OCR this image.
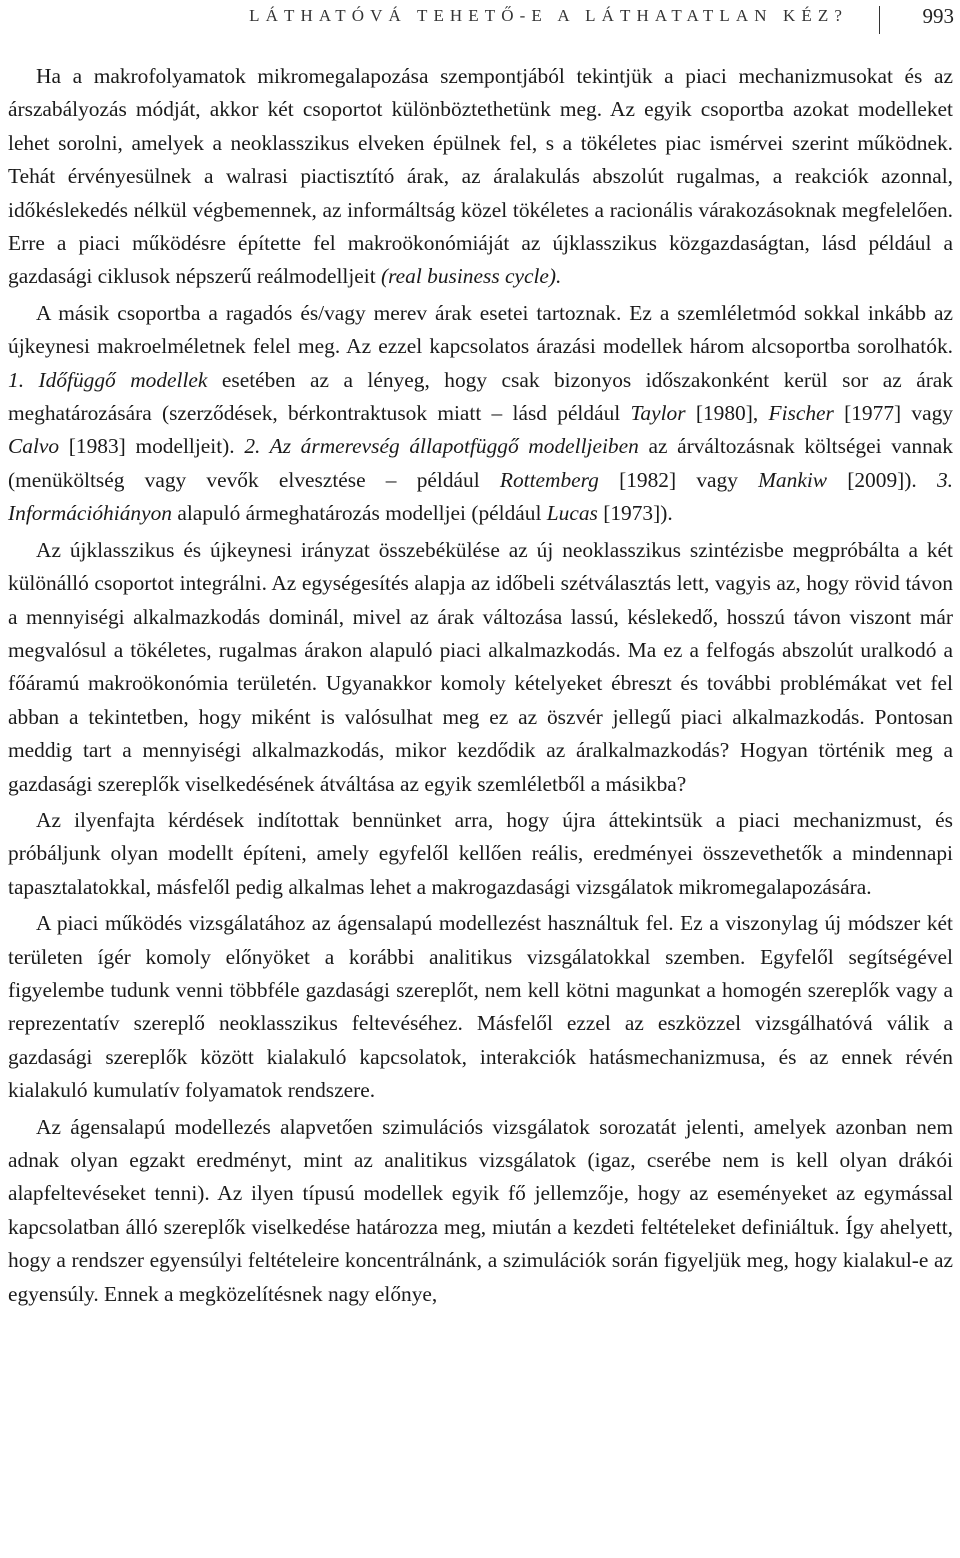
LÁTHATÓVÁ TEHETŐ-E A LÁTHATATLAN KÉZ?	993

Ha a makrofolyamatok mikromegalapozása szempontjából tekintjük a piaci mechanizmusokat és az árszabályozás módját, akkor két csoportot különböztethetünk meg. Az egyik csoportba azokat modelleket lehet sorolni, amelyek a neoklasszikus elveken épülnek fel, s a tökéletes piac ismérvei szerint működnek. Tehát érvényesülnek a walrasi piactisztító árak, az áralakulás abszolút rugalmas, a reakciók azonnal, időkéslekedés nélkül végbemennek, az informáltság közel tökéletes a racionális várakozásoknak megfelelően. Erre a piaci működésre építette fel makroökonómiáját az újklasszikus közgazdaságtan, lásd például a gazdasági ciklusok népszerű reálmodelljeit (real business cycle).

A másik csoportba a ragadós és/vagy merev árak esetei tartoznak. Ez a szemléletmód sokkal inkább az újkeynesi makroelméletnek felel meg. Az ezzel kapcsolatos árazási modellek három alcsoportba sorolhatók. 1. Időfüggő modellek esetében az a lényeg, hogy csak bizonyos időszakonként kerül sor az árak meghatározására (szerződések, bérkontraktusok miatt – lásd például Taylor [1980], Fischer [1977] vagy Calvo [1983] modelljeit). 2. Az ármerevség állapotfüggő modelljeiben az árváltozásnak költségei vannak (menüköltség vagy vevők elvesztése – például Rottemberg [1982] vagy Mankiw [2009]). 3. Információhiányon alapuló ármeghatározás modelljei (például Lucas [1973]).

Az újklasszikus és újkeynesi irányzat összebékülése az új neoklasszikus szintézisbe megpróbálta a két különálló csoportot integrálni. Az egységesítés alapja az időbeli szétválasztás lett, vagyis az, hogy rövid távon a mennyiségi alkalmazkodás dominál, mivel az árak változása lassú, késlekedő, hosszú távon viszont már megvalósul a tökéletes, rugalmas árakon alapuló piaci alkalmazkodás. Ma ez a felfogás abszolút uralkodó a főáramú makroökonómia területén. Ugyanakkor komoly kételyeket ébreszt és további problémákat vet fel abban a tekintetben, hogy miként is valósulhat meg ez az öszvér jellegű piaci alkalmazkodás. Pontosan meddig tart a mennyiségi alkalmazkodás, mikor kezdődik az áralkalmazkodás? Hogyan történik meg a gazdasági szereplők viselkedésének átváltása az egyik szemléletből a másikba?

Az ilyenfajta kérdések indítottak bennünket arra, hogy újra áttekintsük a piaci mechanizmust, és próbáljunk olyan modellt építeni, amely egyfelől kellően reális, eredményei összevethetők a mindennapi tapasztalatokkal, másfelől pedig alkalmas lehet a makrogazdasági vizsgálatok mikromegalapozására.

A piaci működés vizsgálatához az ágensalapú modellezést használtuk fel. Ez a viszonylag új módszer két területen ígér komoly előnyöket a korábbi analitikus vizsgálatokkal szemben. Egyfelől segítségével figyelembe tudunk venni többféle gazdasági szereplőt, nem kell kötni magunkat a homogén szereplők vagy a reprezentatív szereplő neoklasszikus feltevéséhez. Másfelől ezzel az eszközzel vizsgálhatóvá válik a gazdasági szereplők között kialakuló kapcsolatok, interakciók hatásmechanizmusa, és az ennek révén kialakuló kumulatív folyamatok rendszere.

Az ágensalapú modellezés alapvetően szimulációs vizsgálatok sorozatát jelenti, amelyek azonban nem adnak olyan egzakt eredményt, mint az analitikus vizsgálatok (igaz, cserébe nem is kell olyan drákói alapfeltevéseket tenni). Az ilyen típusú modellek egyik fő jellemzője, hogy az eseményeket az egymással kapcsolatban álló szereplők viselkedése határozza meg, miután a kezdeti feltételeket definiáltuk. Így ahelyett, hogy a rendszer egyensúlyi feltételeire koncentrálnánk, a szimulációk során figyeljük meg, hogy kialakul-e az egyensúly. Ennek a megközelítésnek nagy előnye,
